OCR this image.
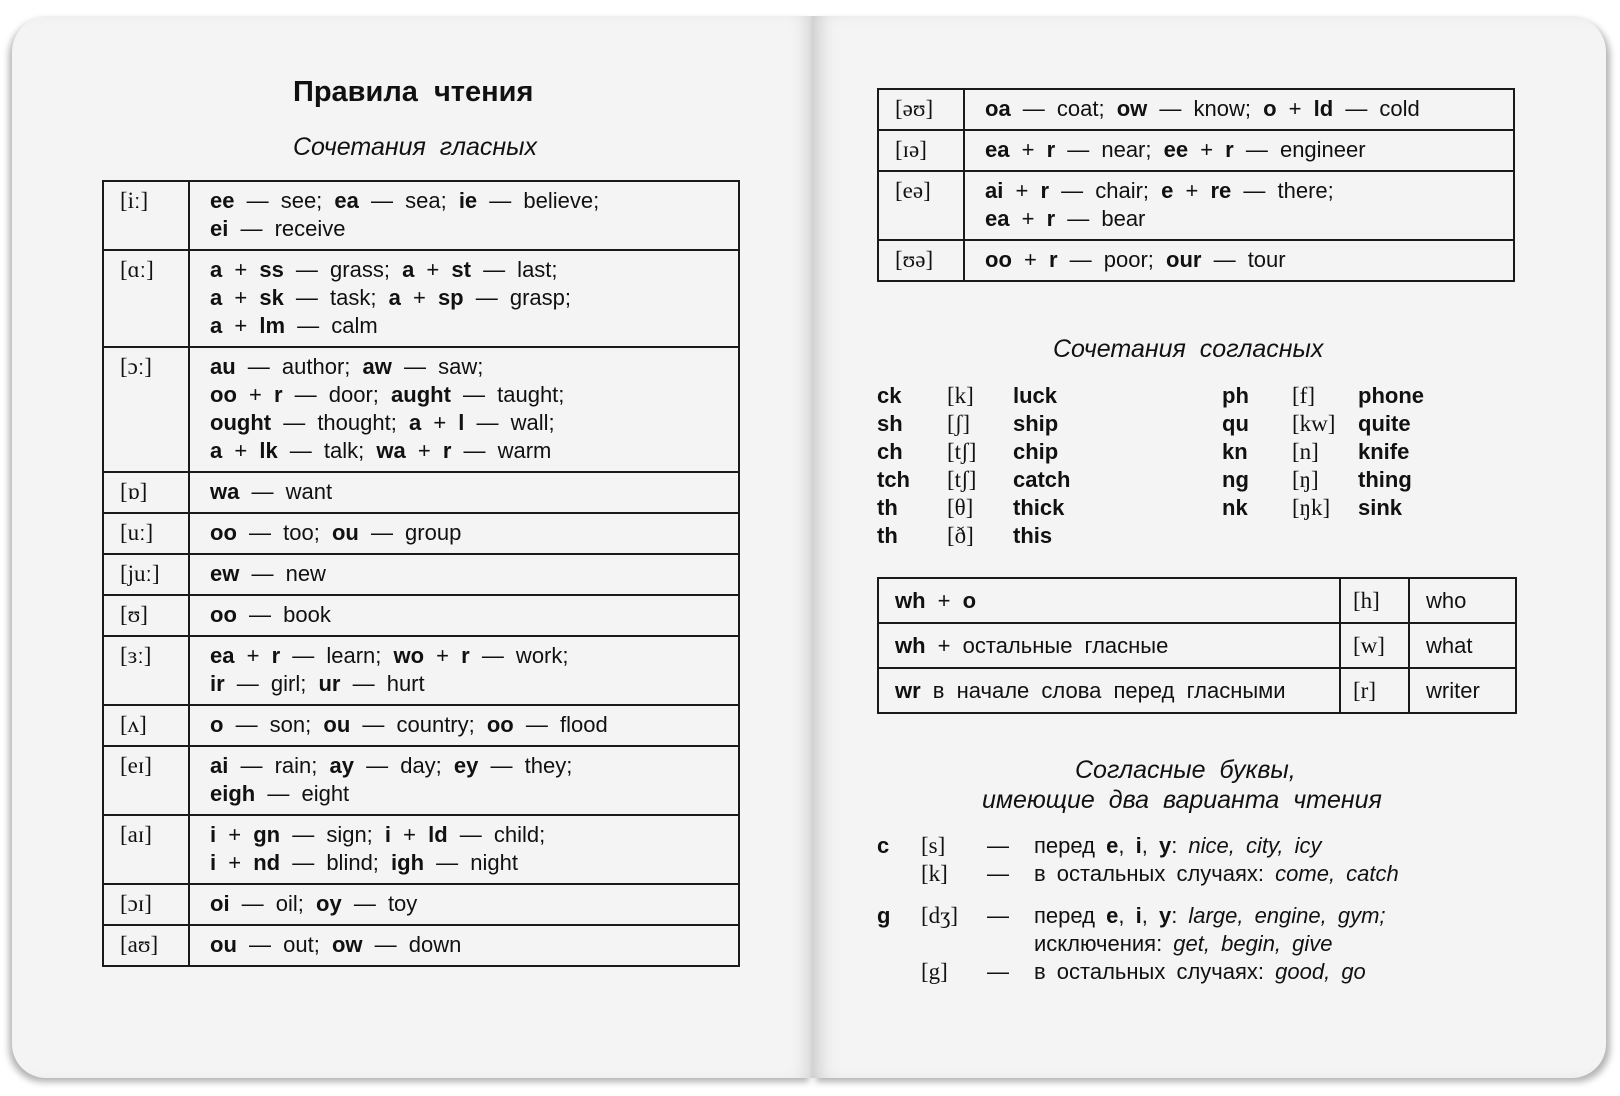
Правила чтения
Сочетания гласных
[iː]	ee — see; ea — sea; ie — believe;
ei — receive

[ɑː]	a + ss — grass; a + st — last;
a + sk — task; a + sp — grasp;
a + lm — calm

[ɔː]	au — author; aw — saw;
oo + r — door; aught — taught;
ought — thought; a + l — wall;
a + lk — talk; wa + r — warm

[ɒ]	wa — want

[uː]	oo — too; ou — group

[juː]	ew — new

[ʊ]	oo — book

[ɜː]	ea + r — learn; wo + r — work;
ir — girl; ur — hurt

[ʌ]	o — son; ou — country; oo — flood

[eɪ]	ai — rain; ay — day; ey — they;
eigh — eight

[aɪ]	i + gn — sign; i + ld — child;
i + nd — blind; igh — night

[ɔɪ]	oi — oil; oy — toy

[aʊ]	ou — out; ow — down
[əʊ]	oa — coat; ow — know; o + ld — cold

[ɪə]	ea + r — near; ee + r — engineer

[eə]	ai + r — chair; e + re — there;
ea + r — bear

[ʊə]	oo + r — poor; our — tour
Сочетания согласных
ck [k] luck
sh [ʃ] ship
ch [tʃ] chip
tch [tʃ] catch
th [θ] thick
th [ð] this
ph [f] phone
qu [kw] quite
kn [n] knife
ng [ŋ] thing
nk [ŋk] sink
wh + o	[h]	who
wh + остальные гласные	[w]	what
wr в начале слова перед гласными	[r]	writer
Согласные буквы,
имеющие два варианта чтения
c [s] — перед e, i, y: nice, city, icy
[k] — в остальных случаях: come, catch
g [dʒ] — перед e, i, y: large, engine, gym;
исключения: get, begin, give
[g] — в остальных случаях: good, go
